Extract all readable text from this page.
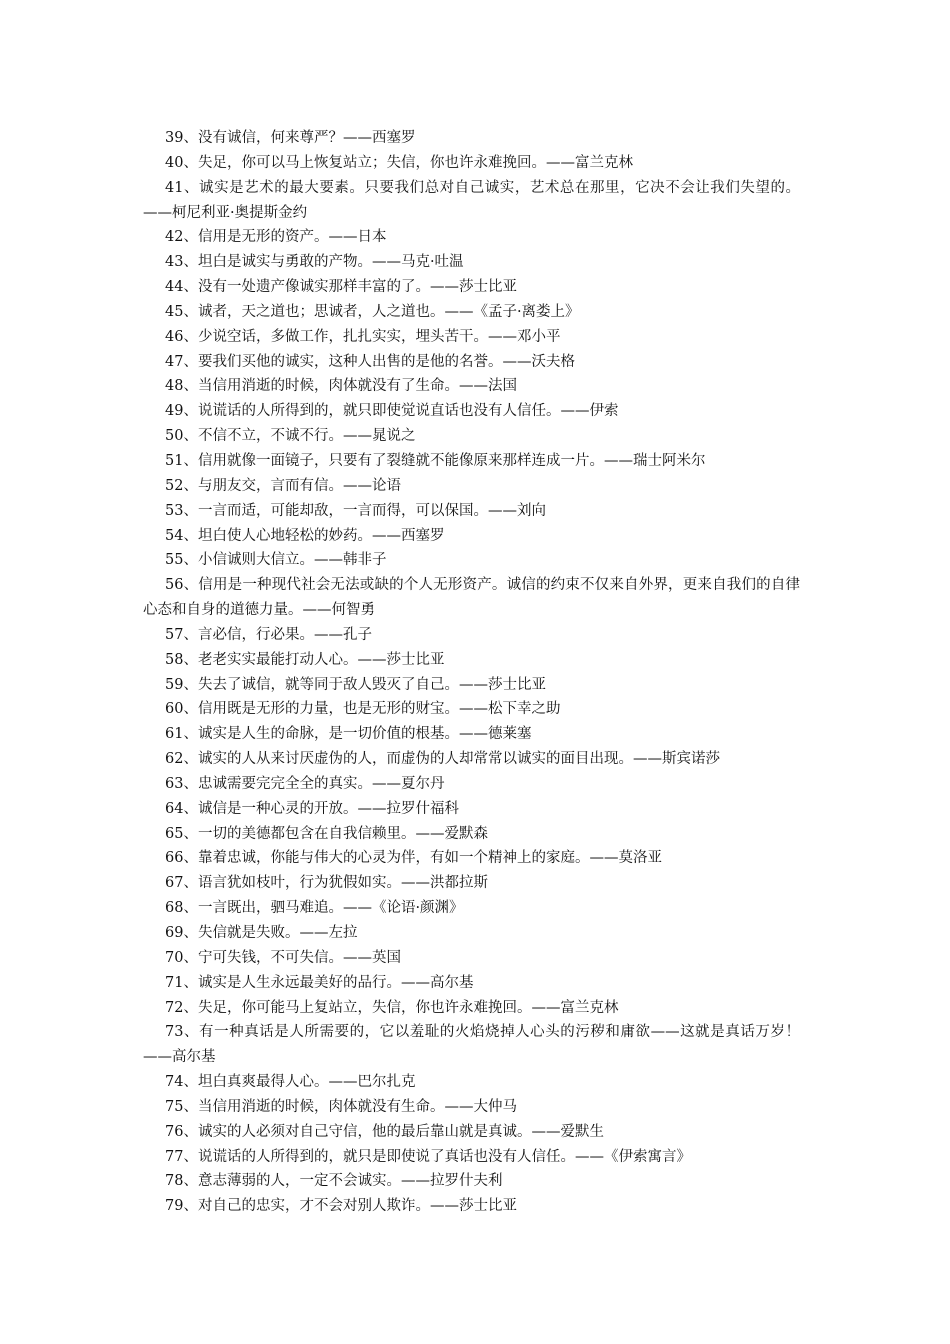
39、没有诚信，何来尊严？——西塞罗

40、失足，你可以马上恢复站立；失信，你也许永难挽回。——富兰克林

41、诚实是艺术的最大要素。只要我们总对自己诚实，艺术总在那里，它决不会让我们失望的。——柯尼利亚·奥提斯金约

42、信用是无形的资产。——日本

43、坦白是诚实与勇敢的产物。——马克·吐温

44、没有一处遗产像诚实那样丰富的了。——莎士比亚

45、诚者，天之道也；思诚者，人之道也。——《孟子·离娄上》

46、少说空话，多做工作，扎扎实实，埋头苦干。——邓小平

47、要我们买他的诚实，这种人出售的是他的名誉。——沃夫格

48、当信用消逝的时候，肉体就没有了生命。——法国

49、说谎话的人所得到的，就只即使觉说直话也没有人信任。——伊索

50、不信不立，不诚不行。——晁说之

51、信用就像一面镜子，只要有了裂缝就不能像原来那样连成一片。——瑞士阿米尔

52、与朋友交，言而有信。——论语

53、一言而适，可能却敌，一言而得，可以保国。——刘向

54、坦白使人心地轻松的妙药。——西塞罗

55、小信诚则大信立。——韩非子

56、信用是一种现代社会无法或缺的个人无形资产。诚信的约束不仅来自外界，更来自我们的自律心态和自身的道德力量。——何智勇

57、言必信，行必果。——孔子

58、老老实实最能打动人心。——莎士比亚

59、失去了诚信，就等同于敌人毁灭了自己。——莎士比亚

60、信用既是无形的力量，也是无形的财宝。——松下幸之助

61、诚实是人生的命脉，是一切价值的根基。——德莱塞

62、诚实的人从来讨厌虚伪的人，而虚伪的人却常常以诚实的面目出现。——斯宾诺莎

63、忠诚需要完完全全的真实。——夏尔丹

64、诚信是一种心灵的开放。——拉罗什福科

65、一切的美德都包含在自我信赖里。——爱默森

66、靠着忠诚，你能与伟大的心灵为伴，有如一个精神上的家庭。——莫洛亚

67、语言犹如枝叶，行为犹假如实。——洪都拉斯

68、一言既出，驷马难追。——《论语·颜渊》

69、失信就是失败。——左拉

70、宁可失钱，不可失信。——英国

71、诚实是人生永远最美好的品行。——高尔基

72、失足，你可能马上复站立，失信，你也许永难挽回。——富兰克林

73、有一种真话是人所需要的，它以羞耻的火焰烧掉人心头的污秽和庸欲——这就是真话万岁！——高尔基

74、坦白真爽最得人心。——巴尔扎克

75、当信用消逝的时候，肉体就没有生命。——大仲马

76、诚实的人必须对自己守信，他的最后靠山就是真诚。——爱默生

77、说谎话的人所得到的，就只是即使说了真话也没有人信任。——《伊索寓言》

78、意志薄弱的人，一定不会诚实。——拉罗什夫利

79、对自己的忠实，才不会对别人欺诈。——莎士比亚
